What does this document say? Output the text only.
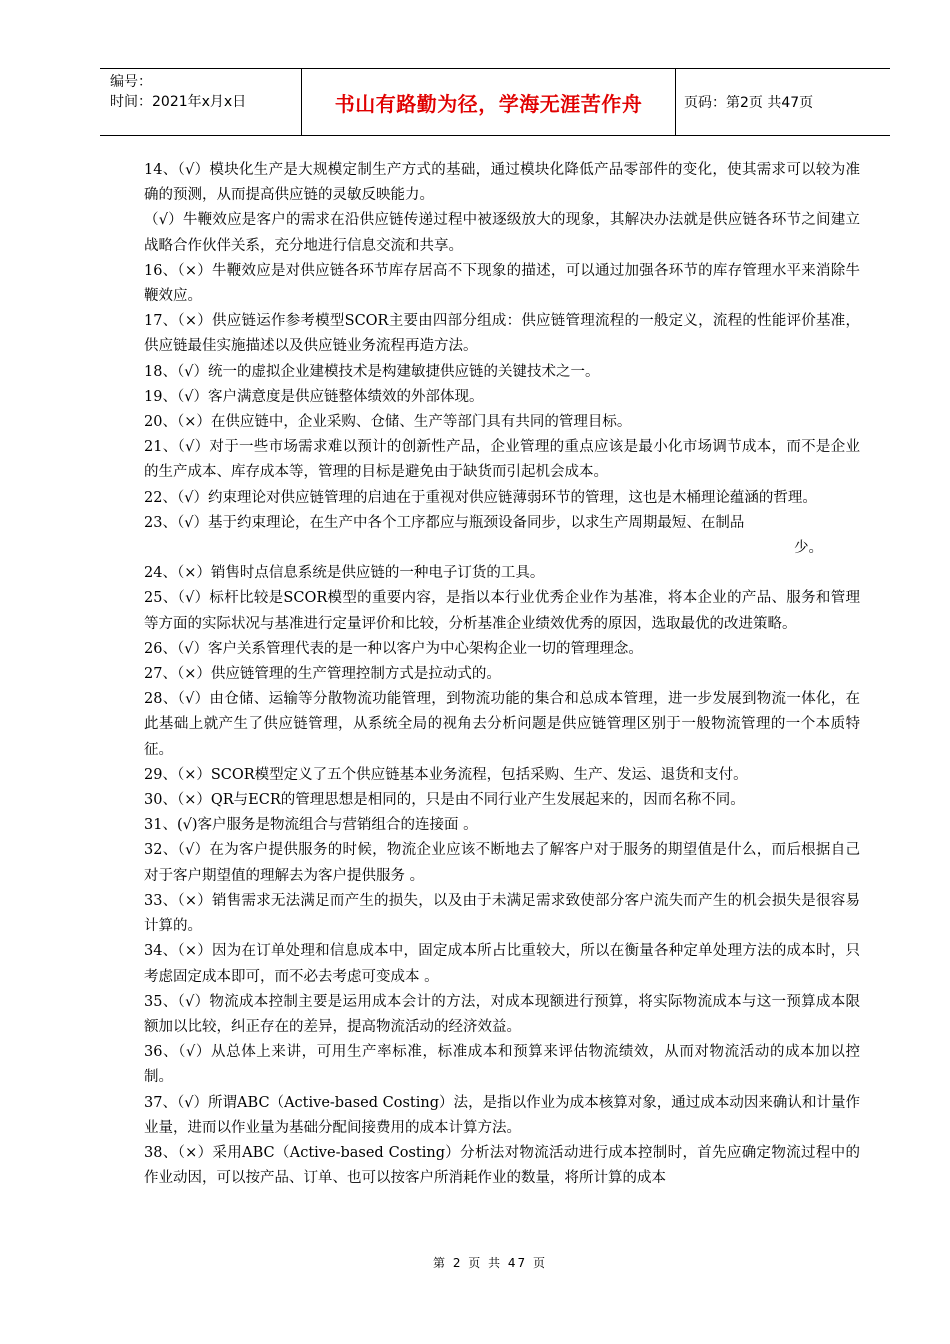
编号：
时间：2021年x月x日	书山有路勤为径，学海无涯苦作舟	页码：第2页 共47页

14、（√）模块化生产是大规模定制生产方式的基础，通过模块化降低产品零部件的变化，使其需求可以较为准确的预测，从而提高供应链的灵敏反映能力。

（√）牛鞭效应是客户的需求在沿供应链传递过程中被逐级放大的现象，其解决办法就是供应链各环节之间建立战略合作伙伴关系，充分地进行信息交流和共享。

16、（×）牛鞭效应是对供应链各环节库存居高不下现象的描述，可以通过加强各环节的库存管理水平来消除牛鞭效应。

17、（×）供应链运作参考模型SCOR主要由四部分组成：供应链管理流程的一般定义，流程的性能评价基准，供应链最佳实施描述以及供应链业务流程再造方法。

18、（√）统一的虚拟企业建模技术是构建敏捷供应链的关键技术之一。

19、（√）客户满意度是供应链整体绩效的外部体现。

20、（×）在供应链中，企业采购、仓储、生产等部门具有共同的管理目标。

21、（√）对于一些市场需求难以预计的创新性产品，企业管理的重点应该是最小化市场调节成本，而不是企业的生产成本、库存成本等，管理的目标是避免由于缺货而引起机会成本。

22、（√）约束理论对供应链管理的启迪在于重视对供应链薄弱环节的管理，这也是木桶理论蕴涵的哲理。

23、（√）基于约束理论，在生产中各个工序都应与瓶颈设备同步，以求生产周期最短、在制品

少。

24、（×）销售时点信息系统是供应链的一种电子订货的工具。

25、（√）标杆比较是SCOR模型的重要内容，是指以本行业优秀企业作为基准，将本企业的产品、服务和管理等方面的实际状况与基准进行定量评价和比较，分析基准企业绩效优秀的原因，选取最优的改进策略。

26、（√）客户关系管理代表的是一种以客户为中心架构企业一切的管理理念。

27、（×）供应链管理的生产管理控制方式是拉动式的。

28、（√）由仓储、运输等分散物流功能管理，到物流功能的集合和总成本管理，进一步发展到物流一体化，在此基础上就产生了供应链管理，从系统全局的视角去分析问题是供应链管理区别于一般物流管理的一个本质特征。

29、（×）SCOR模型定义了五个供应链基本业务流程，包括采购、生产、发运、退货和支付。

30、（×）QR与ECR的管理思想是相同的，只是由不同行业产生发展起来的，因而名称不同。

31、(√)客户服务是物流组合与营销组合的连接面 。

32、（√）在为客户提供服务的时候，物流企业应该不断地去了解客户对于服务的期望值是什么，而后根据自己对于客户期望值的理解去为客户提供服务 。

33、（×）销售需求无法满足而产生的损失，以及由于未满足需求致使部分客户流失而产生的机会损失是很容易计算的。

34、（×）因为在订单处理和信息成本中，固定成本所占比重较大，所以在衡量各种定单处理方法的成本时，只考虑固定成本即可，而不必去考虑可变成本 。

35、（√）物流成本控制主要是运用成本会计的方法，对成本现额进行预算，将实际物流成本与这一预算成本限额加以比较，纠正存在的差异，提高物流活动的经济效益。

36、（√）从总体上来讲，可用生产率标准，标准成本和预算来评估物流绩效，从而对物流活动的成本加以控制。

37、（√）所谓ABC（Active-based Costing）法，是指以作业为成本核算对象，通过成本动因来确认和计量作业量，进而以作业量为基础分配间接费用的成本计算方法。

38、（×）采用ABC（Active-based Costing）分析法对物流活动进行成本控制时，首先应确定物流过程中的作业动因，可以按产品、订单、也可以按客户所消耗作业的数量，将所计算的成本

第 2 页 共 47 页
